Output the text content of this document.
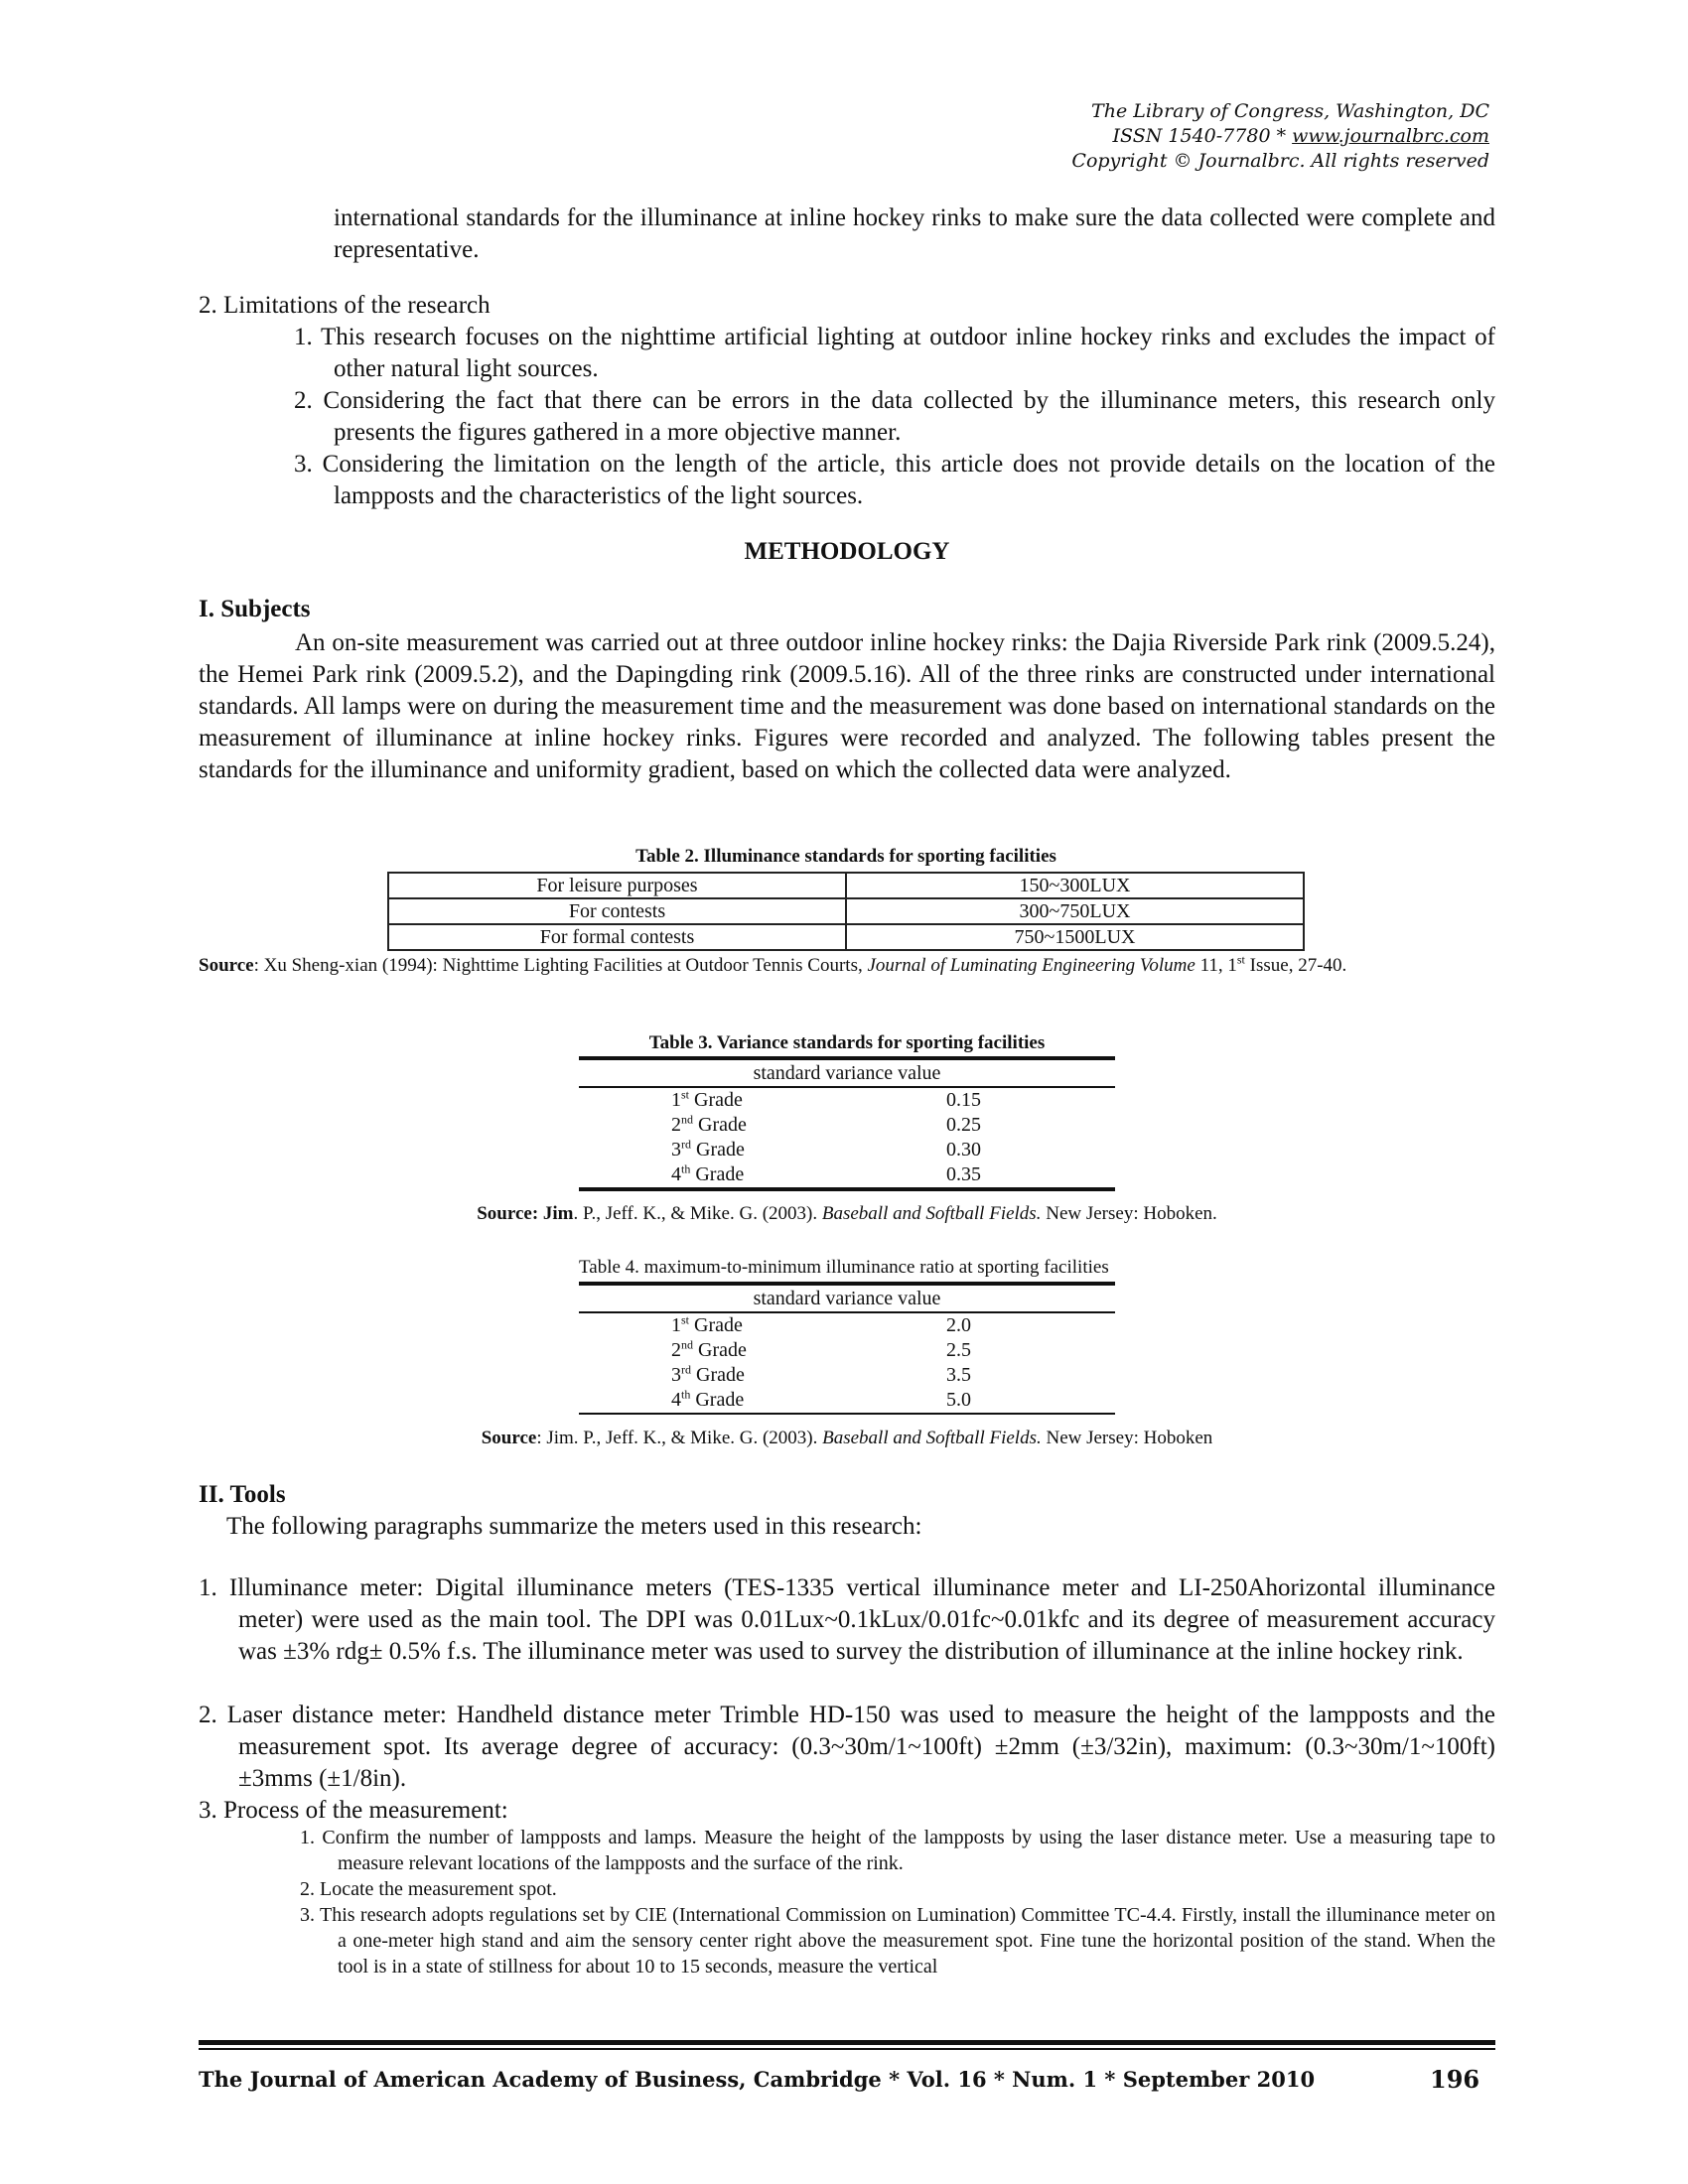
The Library of Congress, Washington, DC
ISSN 1540-7780 * www.journalbrc.com
Copyright © Journalbrc. All rights reserved
international standards for the illuminance at inline hockey rinks to make sure the data collected were complete and representative.
2. Limitations of the research
1. This research focuses on the nighttime artificial lighting at outdoor inline hockey rinks and excludes the impact of other natural light sources.
2. Considering the fact that there can be errors in the data collected by the illuminance meters, this research only presents the figures gathered in a more objective manner.
3. Considering the limitation on the length of the article, this article does not provide details on the location of the lampposts and the characteristics of the light sources.
METHODOLOGY
I. Subjects
An on-site measurement was carried out at three outdoor inline hockey rinks: the Dajia Riverside Park rink (2009.5.24), the Hemei Park rink (2009.5.2), and the Dapingding rink (2009.5.16). All of the three rinks are constructed under international standards. All lamps were on during the measurement time and the measurement was done based on international standards on the measurement of illuminance at inline hockey rinks. Figures were recorded and analyzed. The following tables present the standards for the illuminance and uniformity gradient, based on which the collected data were analyzed.
Table 2. Illuminance standards for sporting facilities
For leisure purposes	150~300LUX
For contests	300~750LUX
For formal contests	750~1500LUX
Source: Xu Sheng-xian (1994): Nighttime Lighting Facilities at Outdoor Tennis Courts, Journal of Luminating Engineering Volume 11, 1st Issue, 27-40.
Table 3. Variance standards for sporting facilities
standard variance value
1st Grade	0.15
2nd Grade	0.25
3rd Grade	0.30
4th Grade	0.35
Source: Jim. P., Jeff. K., & Mike. G. (2003). Baseball and Softball Fields. New Jersey: Hoboken.
Table 4. maximum-to-minimum illuminance ratio at sporting facilities
standard variance value
1st Grade	2.0
2nd Grade	2.5
3rd Grade	3.5
4th Grade	5.0
Source: Jim. P., Jeff. K., & Mike. G. (2003). Baseball and Softball Fields. New Jersey: Hoboken
II. Tools
The following paragraphs summarize the meters used in this research:
1. Illuminance meter: Digital illuminance meters (TES-1335 vertical illuminance meter and LI-250Ahorizontal illuminance meter) were used as the main tool. The DPI was 0.01Lux~0.1kLux/0.01fc~0.01kfc and its degree of measurement accuracy was ±3% rdg± 0.5% f.s. The illuminance meter was used to survey the distribution of illuminance at the inline hockey rink.
2. Laser distance meter: Handheld distance meter Trimble HD-150 was used to measure the height of the lampposts and the measurement spot. Its average degree of accuracy: (0.3~30m/1~100ft) ±2mm (±3/32in), maximum: (0.3~30m/1~100ft) ±3mms (±1/8in).
3. Process of the measurement:
1. Confirm the number of lampposts and lamps. Measure the height of the lampposts by using the laser distance meter. Use a measuring tape to measure relevant locations of the lampposts and the surface of the rink.
2. Locate the measurement spot.
3. This research adopts regulations set by CIE (International Commission on Lumination) Committee TC-4.4. Firstly, install the illuminance meter on a one-meter high stand and aim the sensory center right above the measurement spot. Fine tune the horizontal position of the stand. When the tool is in a state of stillness for about 10 to 15 seconds, measure the vertical
The Journal of American Academy of Business, Cambridge * Vol. 16 * Num. 1 * September 2010	196
